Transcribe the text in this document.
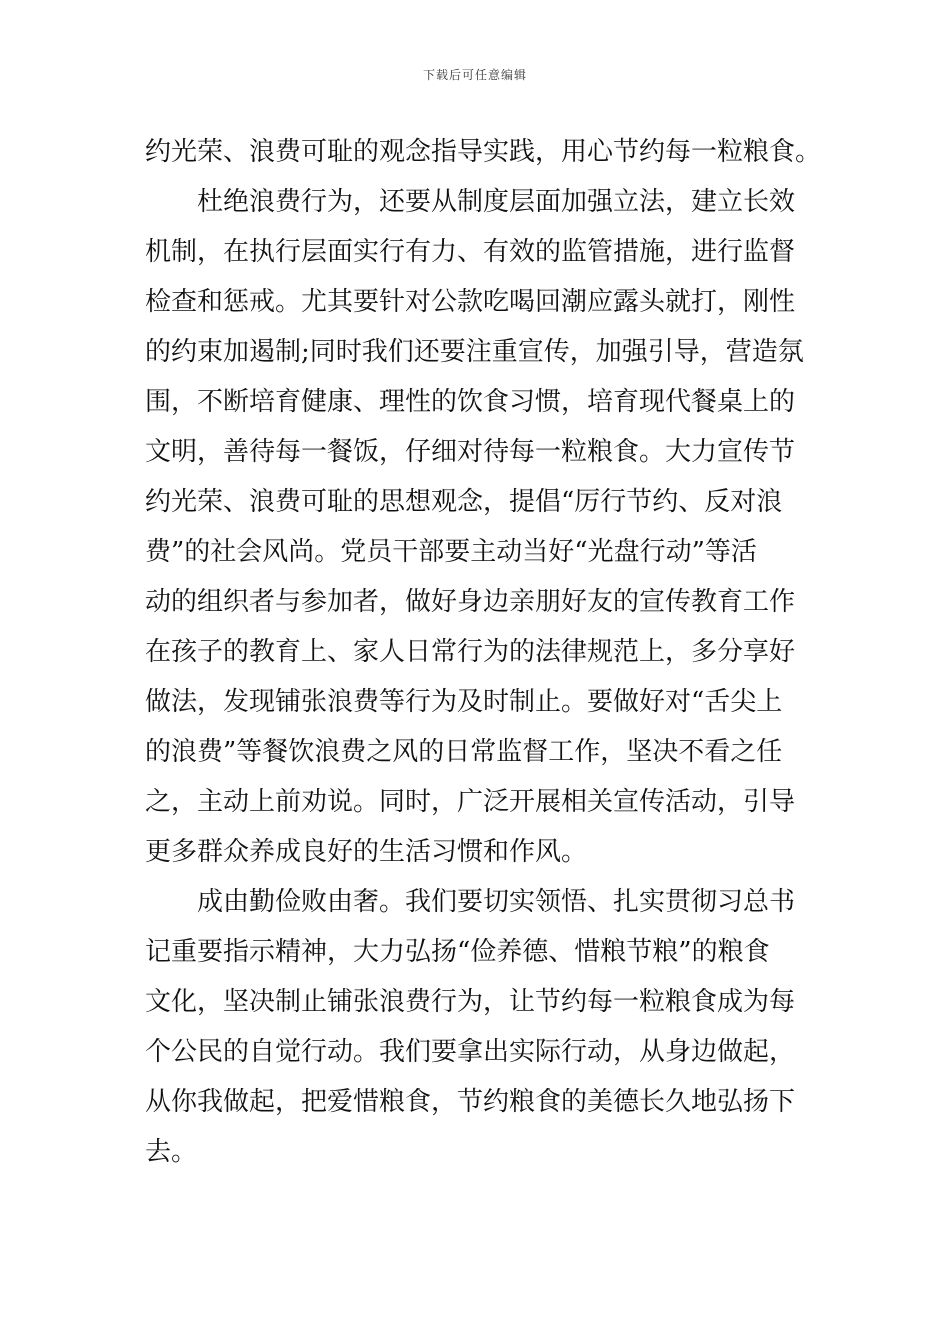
下载后可任意编辑
约光荣、浪费可耻的观念指导实践，用心节约每一粒粮食。
杜绝浪费行为，还要从制度层面加强立法，建立长效
机制，在执行层面实行有力、有效的监管措施，进行监督
检查和惩戒。尤其要针对公款吃喝回潮应露头就打，刚性
的约束加遏制;同时我们还要注重宣传，加强引导，营造氛
围，不断培育健康、理性的饮食习惯，培育现代餐桌上的
文明，善待每一餐饭，仔细对待每一粒粮食。大力宣传节
约光荣、浪费可耻的思想观念，提倡“厉行节约、反对浪
费”的社会风尚。党员干部要主动当好“光盘行动”等活
动的组织者与参加者，做好身边亲朋好友的宣传教育工作
在孩子的教育上、家人日常行为的法律规范上，多分享好
做法，发现铺张浪费等行为及时制止。要做好对“舌尖上
的浪费”等餐饮浪费之风的日常监督工作，坚决不看之任
之，主动上前劝说。同时，广泛开展相关宣传活动，引导
更多群众养成良好的生活习惯和作风。
成由勤俭败由奢。我们要切实领悟、扎实贯彻习总书
记重要指示精神，大力弘扬“俭养德、惜粮节粮”的粮食
文化，坚决制止铺张浪费行为，让节约每一粒粮食成为每
个公民的自觉行动。我们要拿出实际行动，从身边做起，
从你我做起，把爱惜粮食，节约粮食的美德长久地弘扬下
去。
